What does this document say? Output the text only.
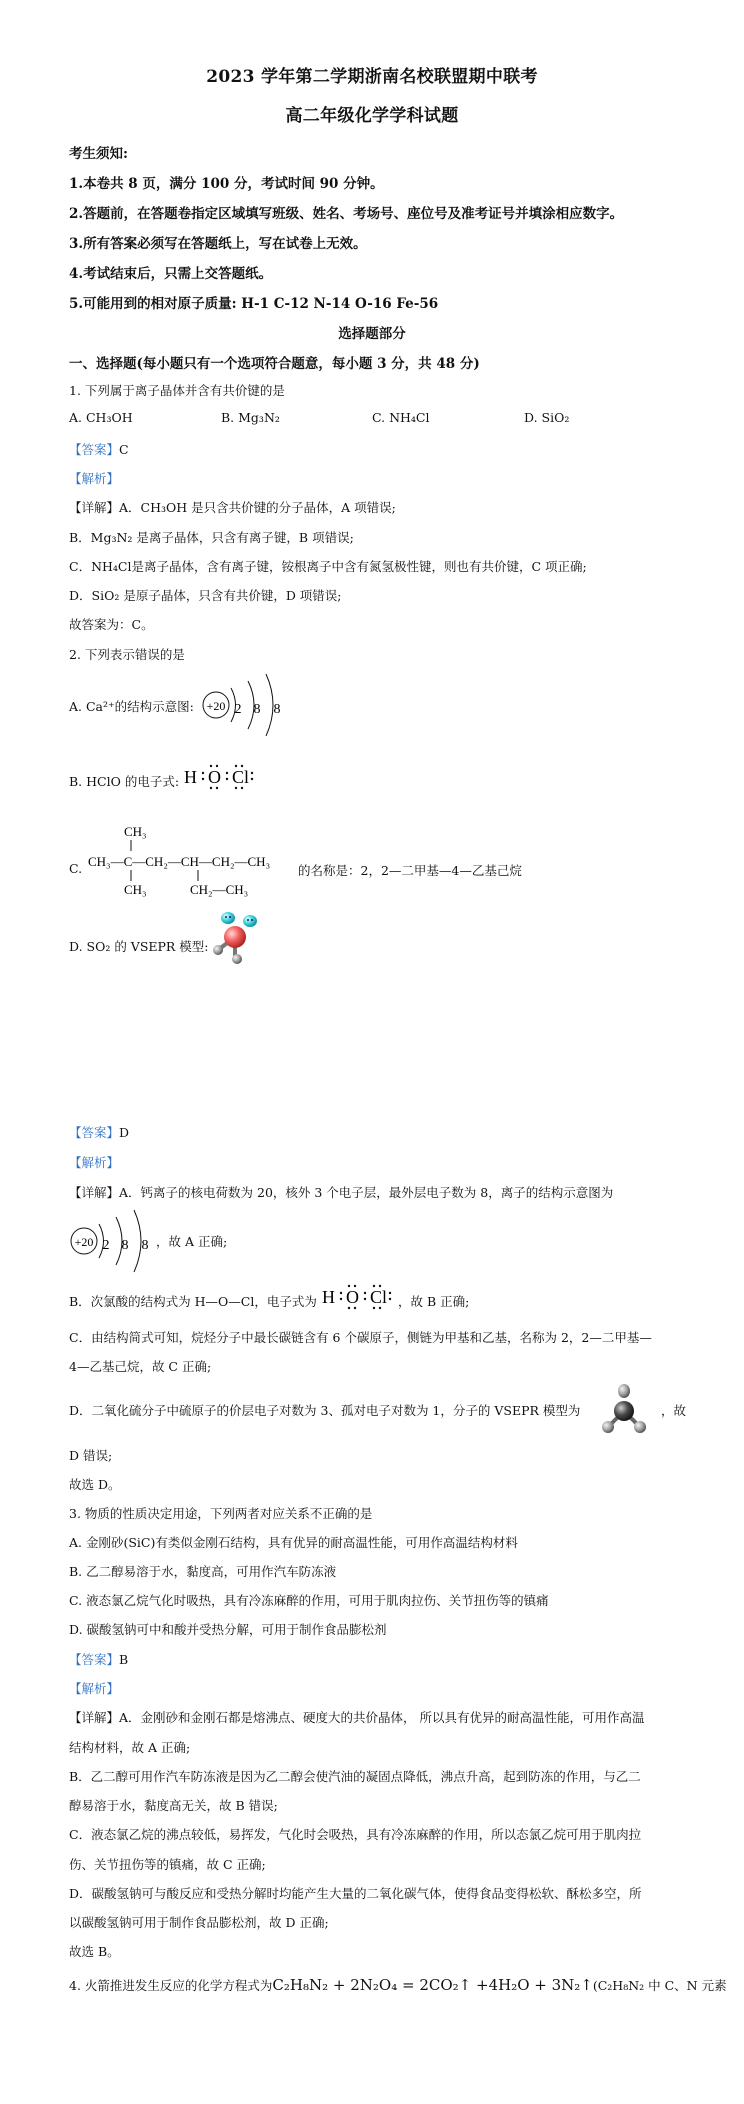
2023 学年第二学期浙南名校联盟期中联考
高二年级化学学科试题
考生须知:
1.本卷共 8 页，满分 100 分，考试时间 90 分钟。
2.答题前，在答题卷指定区域填写班级、姓名、考场号、座位号及准考证号并填涂相应数字。
3.所有答案必须写在答题纸上，写在试卷上无效。
4.考试结束后，只需上交答题纸。
5.可能用到的相对原子质量: H-1 C-12 N-14 O-16 Fe-56
选择题部分
一、选择题(每小题只有一个选项符合题意，每小题 3 分，共 48 分)
1. 下列属于离子晶体并含有共价键的是
A. CH₃OH	B. Mg₃N₂	C. NH₄Cl	D. SiO₂
【答案】C
【解析】
【详解】A．CH₃OH 是只含共价键的分子晶体，A 项错误;
B．Mg₃N₂ 是离子晶体，只含有离子键，B 项错误;
C．NH₄Cl是离子晶体，含有离子键，铵根离子中含有氮氢极性键，则也有共价键，C 项正确;
D．SiO₂ 是原子晶体，只含有共价键，D 项错误;
故答案为：C。
2. 下列表示错误的是
A. Ca²⁺的结构示意图: +20 2 8 8
B. HClO 的电子式: H O Cl
C.
CH₃
CH₃—C—CH₂—CH—CH₂—CH₃
CH₃	CH₂—CH₃
的名称是：2，2—二甲基—4—乙基己烷
D. SO₂ 的 VSEPR 模型:
【答案】D
【解析】
【详解】A．钙离子的核电荷数为 20，核外 3 个电子层，最外层电子数为 8，离子的结构示意图为
+20 2 8 8 ，故 A 正确;
B．次氯酸的结构式为 H—O—Cl，电子式为 H O Cl ，故 B 正确;
C．由结构简式可知，烷烃分子中最长碳链含有 6 个碳原子，侧链为甲基和乙基，名称为 2，2—二甲基—
4—乙基己烷，故 C 正确;
D．二氧化硫分子中硫原子的价层电子对数为 3、孤对电子对数为 1，分子的 VSEPR 模型为	，故
D 错误;
故选 D。
3. 物质的性质决定用途，下列两者对应关系不正确的是
A. 金刚砂(SiC)有类似金刚石结构，具有优异的耐高温性能，可用作高温结构材料
B. 乙二醇易溶于水，黏度高，可用作汽车防冻液
C. 液态氯乙烷气化时吸热，具有冷冻麻醉的作用，可用于肌肉拉伤、关节扭伤等的镇痛
D. 碳酸氢钠可中和酸并受热分解，可用于制作食品膨松剂
【答案】B
【解析】
【详解】A．金刚砂和金刚石都是熔沸点、硬度大的共价晶体， 所以具有优异的耐高温性能，可用作高温
结构材料，故 A 正确;
B．乙二醇可用作汽车防冻液是因为乙二醇会使汽油的凝固点降低，沸点升高，起到防冻的作用，与乙二
醇易溶于水，黏度高无关，故 B 错误;
C．液态氯乙烷的沸点较低，易挥发，气化时会吸热，具有冷冻麻醉的作用，所以态氯乙烷可用于肌肉拉
伤、关节扭伤等的镇痛，故 C 正确;
D．碳酸氢钠可与酸反应和受热分解时均能产生大量的二氧化碳气体，使得食品变得松软、酥松多空，所
以碳酸氢钠可用于制作食品膨松剂，故 D 正确;
故选 B。
4. 火箭推进发生反应的化学方程式为C₂H₈N₂ + 2N₂O₄ = 2CO₂↑ +4H₂O + 3N₂↑(C₂H₈N₂ 中 C、N 元素
